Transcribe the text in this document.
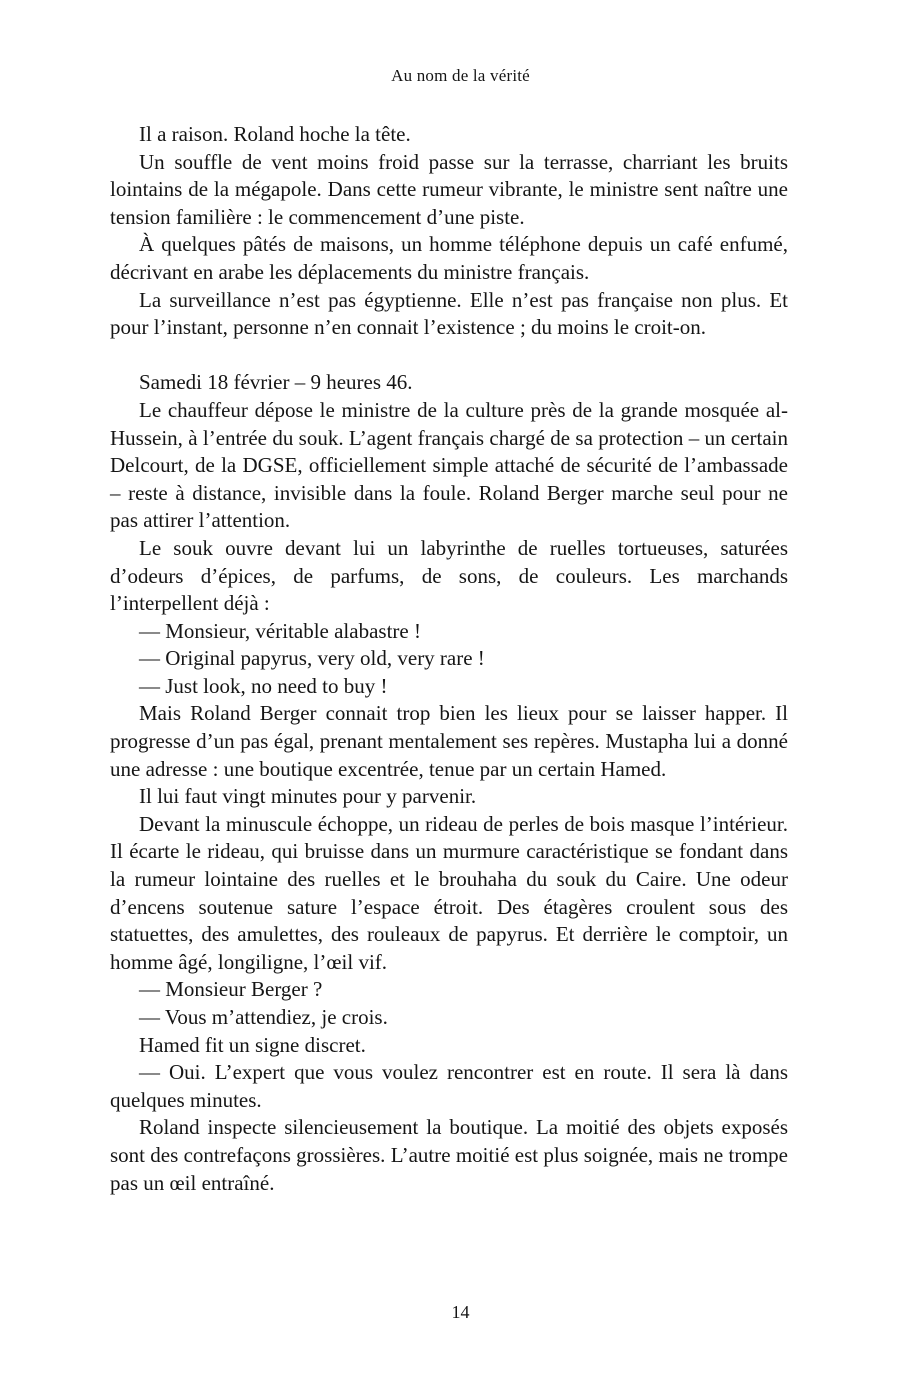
Au nom de la vérité

Il a raison. Roland hoche la tête.

Un souffle de vent moins froid passe sur la terrasse, charriant les bruits lointains de la mégapole. Dans cette rumeur vibrante, le ministre sent naître une tension familière : le commencement d’une piste.

À quelques pâtés de maisons, un homme téléphone depuis un café enfumé, décrivant en arabe les déplacements du ministre français.

La surveillance n’est pas égyptienne. Elle n’est pas française non plus. Et pour l’instant, personne n’en connait l’existence ; du moins le croit-on.

Samedi 18 février – 9 heures 46.

Le chauffeur dépose le ministre de la culture près de la grande mosquée al-Hussein, à l’entrée du souk. L’agent français chargé de sa protection – un certain Delcourt, de la DGSE, officiellement simple attaché de sécurité de l’ambassade – reste à distance, invisible dans la foule. Roland Berger marche seul pour ne pas attirer l’attention.

Le souk ouvre devant lui un labyrinthe de ruelles tortueuses, saturées d’odeurs d’épices, de parfums, de sons, de couleurs. Les marchands l’interpellent déjà :

— Monsieur, véritable alabastre !

— Original papyrus, very old, very rare !

— Just look, no need to buy !

Mais Roland Berger connait trop bien les lieux pour se laisser happer. Il progresse d’un pas égal, prenant mentalement ses repères. Mustapha lui a donné une adresse : une boutique excentrée, tenue par un certain Hamed.

Il lui faut vingt minutes pour y parvenir.

Devant la minuscule échoppe, un rideau de perles de bois masque l’intérieur. Il écarte le rideau, qui bruisse dans un murmure caractéristique se fondant dans la rumeur lointaine des ruelles et le brouhaha du souk du Caire. Une odeur d’encens soutenue sature l’espace étroit. Des étagères croulent sous des statuettes, des amulettes, des rouleaux de papyrus. Et derrière le comptoir, un homme âgé, longiligne, l’œil vif.

— Monsieur Berger ?

— Vous m’attendiez, je crois.

Hamed fit un signe discret.

— Oui. L’expert que vous voulez rencontrer est en route. Il sera là dans quelques minutes.

Roland inspecte silencieusement la boutique. La moitié des objets exposés sont des contrefaçons grossières. L’autre moitié est plus soignée, mais ne trompe pas un œil entraîné.

14
